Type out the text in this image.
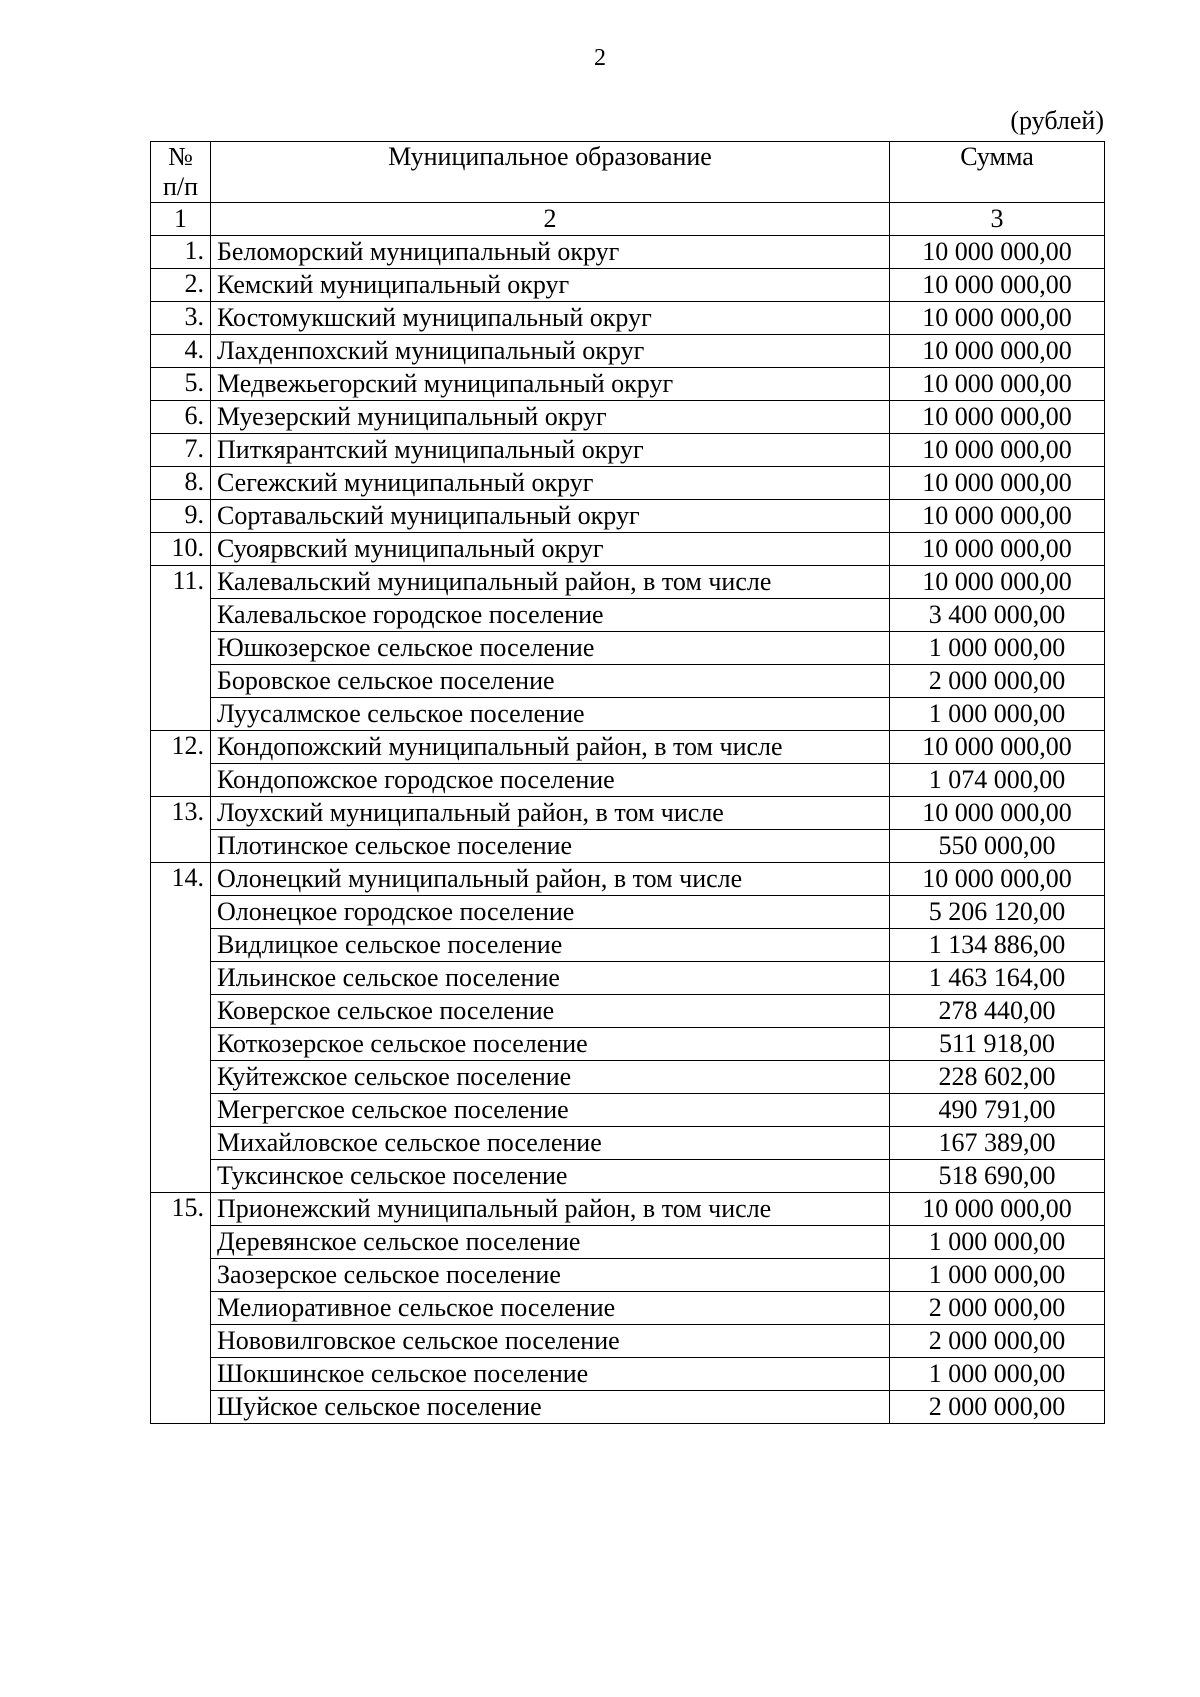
2
(рублей)
№ п/п	Муниципальное образование	Сумма
1	2	3
1.	Беломорский муниципальный округ	10 000 000,00
2.	Кемский муниципальный округ	10 000 000,00
3.	Костомукшский муниципальный округ	10 000 000,00
4.	Лахденпохский муниципальный округ	10 000 000,00
5.	Медвежьегорский муниципальный округ	10 000 000,00
6.	Муезерский муниципальный округ	10 000 000,00
7.	Питкярантский муниципальный округ	10 000 000,00
8.	Сегежский муниципальный округ	10 000 000,00
9.	Сортавальский муниципальный округ	10 000 000,00
10.	Суоярвский муниципальный округ	10 000 000,00
11.	Калевальский муниципальный район, в том числе	10 000 000,00
	Калевальское городское поселение	3 400 000,00
	Юшкозерское сельское поселение	1 000 000,00
	Боровское сельское поселение	2 000 000,00
	Луусалмское сельское поселение	1 000 000,00
12.	Кондопожский муниципальный район, в том числе	10 000 000,00
	Кондопожское городское поселение	1 074 000,00
13.	Лоухский муниципальный район, в том числе	10 000 000,00
	Плотинское сельское поселение	550 000,00
14.	Олонецкий муниципальный район, в том числе	10 000 000,00
	Олонецкое городское поселение	5 206 120,00
	Видлицкое сельское поселение	1 134 886,00
	Ильинское сельское поселение	1 463 164,00
	Коверское сельское поселение	278 440,00
	Коткозерское сельское поселение	511 918,00
	Куйтежское сельское поселение	228 602,00
	Мегрегское сельское поселение	490 791,00
	Михайловское сельское поселение	167 389,00
	Туксинское сельское поселение	518 690,00
15.	Прионежский муниципальный район, в том числе	10 000 000,00
	Деревянское сельское поселение	1 000 000,00
	Заозерское сельское поселение	1 000 000,00
	Мелиоративное сельское поселение	2 000 000,00
	Нововилговское сельское поселение	2 000 000,00
	Шокшинское сельское поселение	1 000 000,00
	Шуйское сельское поселение	2 000 000,00
